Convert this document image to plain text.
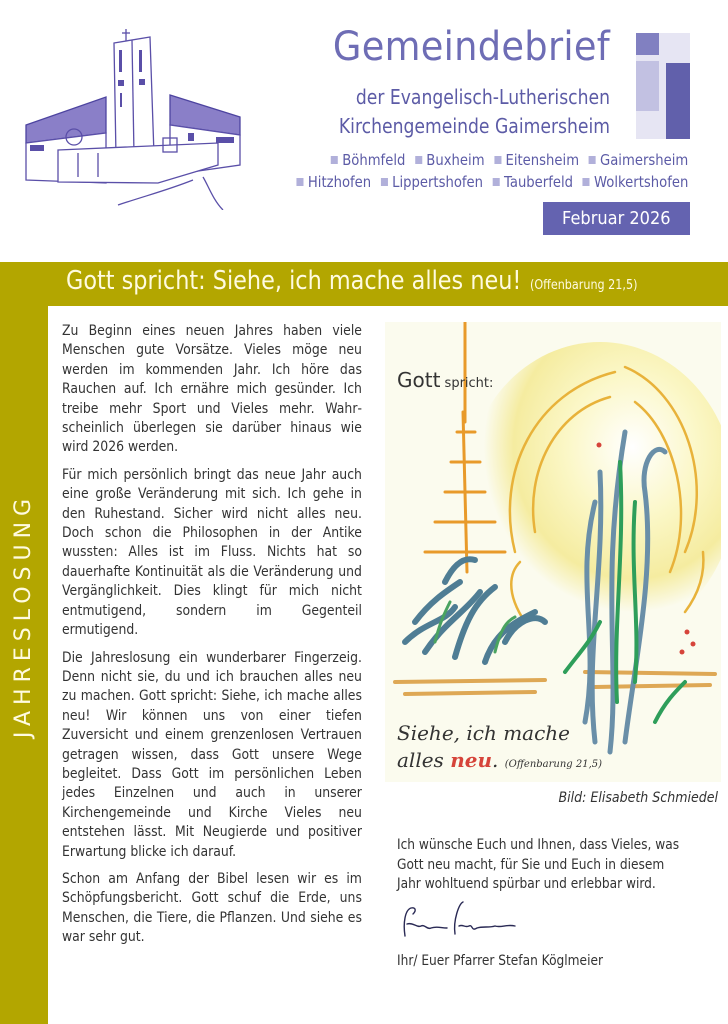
Gemeindebrief
der Evangelisch-Lutherischen
Kirchengemeinde Gaimersheim
Böhmfeld Buxheim Eitensheim Gaimersheim
Hitzhofen Lippertshofen Tauberfeld Wolkertshofen
Februar 2026
Gott spricht: Siehe, ich mache alles neu! (Offenbarung 21,5)
JAHRESLOSUNG

Zu Beginn eines neuen Jahres haben viele Menschen gute Vorsätze. Vieles möge neu werden im kommenden Jahr. Ich höre das Rauchen auf. Ich ernähre mich gesünder. Ich treibe mehr Sport und Vieles mehr. Wahrscheinlich überlegen sie darüber hinaus wie wird 2026 werden.

Für mich persönlich bringt das neue Jahr auch eine große Veränderung mit sich. Ich gehe in den Ruhestand. Sicher wird nicht alles neu. Doch schon die Philosophen in der Antike wussten: Alles ist im Fluss. Nichts hat so dauerhafte Kontinuität als die Veränderung und Vergänglichkeit. Dies klingt für mich nicht entmutigend, sondern im Gegenteil ermutigend.

Die Jahreslosung ein wunderbarer Fingerzeig. Denn nicht sie, du und ich brauchen alles neu zu machen. Gott spricht: Siehe, ich mache alles neu! Wir können uns von einer tiefen Zuversicht und einem grenzenlosen Vertrauen getragen wissen, dass Gott unsere Wege begleitet. Dass Gott im persönlichen Leben jedes Einzelnen und auch in unserer Kirchengemeinde und Kirche Vieles neu entstehen lässt. Mit Neugierde und positiver Erwartung blicke ich darauf.

Schon am Anfang der Bibel lesen wir es im Schöpfungsbericht. Gott schuf die Erde, uns Menschen, die Tiere, die Pflanzen. Und siehe es war sehr gut.

Gott spricht:
Siehe, ich mache
alles neu. (Offenbarung 21,5)
Bild: Elisabeth Schmiedel
Ich wünsche Euch und Ihnen, dass Vieles, was
Gott neu macht, für Sie und Euch in diesem
Jahr wohltuend spürbar und erlebbar wird.
Ihr/ Euer Pfarrer Stefan Köglmeier
